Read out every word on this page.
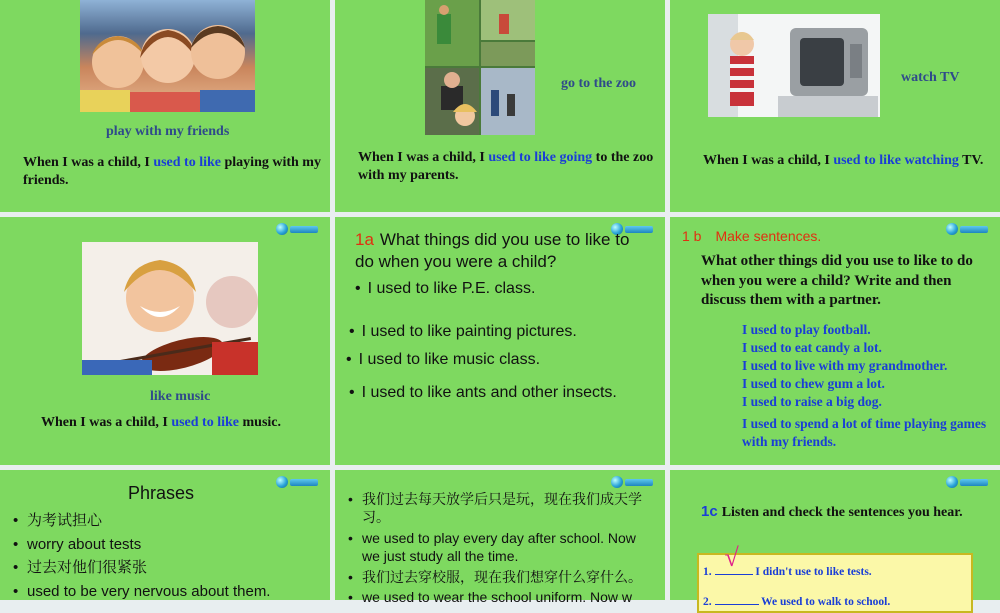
play with my friends
When I was a child, I used to like playing with my friends.
go to the zoo
When I was a child, I used to like going to the zoo with my parents.
watch TV
When I was a child, I used to like watching TV.
like music
When I was a child, I used to like music.
1a What things did you use to like to do when you were a child?
• I used to like P.E. class.
• I used to like painting pictures.
• I used to like music class.
• I used to like ants and other insects.
1 b Make sentences.
What other things did you use to like to do when you were a child? Write and then discuss them with a partner.
I used to play football.
I used to eat candy a lot.
I used to live with my grandmother.
I used to chew gum a lot.
I used to raise a big dog.
I used to spend a lot of time playing games with my friends.
Phrases
• 为考试担心
• worry about tests
• 过去对他们很紧张
• used to be very nervous about them.
• 我们过去每天放学后只是玩，现在我们成天学习。
• we used to play every day after school. Now we just study all the time.
• 我们过去穿校服，现在我们想穿什么穿什么。
• we used to wear the school uniform. Now w
1c Listen and check the sentences you hear.
1. √ I didn't use to like tests.
2.	We used to walk to school.
